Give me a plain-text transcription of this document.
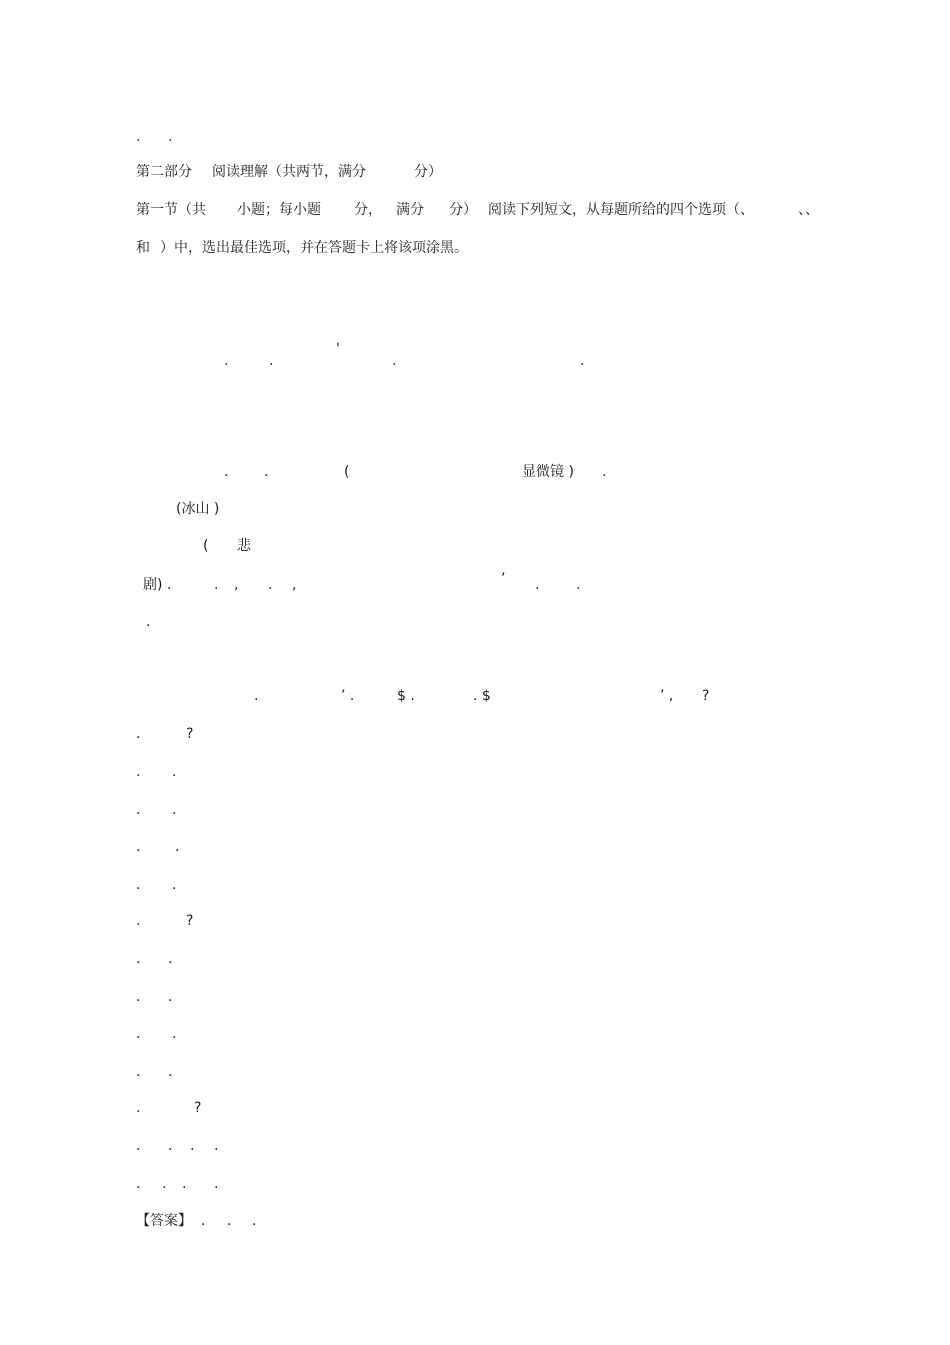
. .
第二部分 阅读理解（共两节，满分	分）
第一节（共 小题；每小题 分， 满分 分） 阅读下列短文，从每题所给的四个选项（、	、、
和 ）中，选出最佳选项，并在答题卡上将该项涂黑。
.	.
'
.	.
.	.	(	显微镜 ) .
(冰山 )
( 悲
剧) .	. , . ,	’ .	.
.
.	’ .	$ .	. $	’ , ?
.	?
. .
. .
. .
. .
.	?
. .
. .
. .
. .
.	?
. . . .
. . . .
【答案】 . . .
